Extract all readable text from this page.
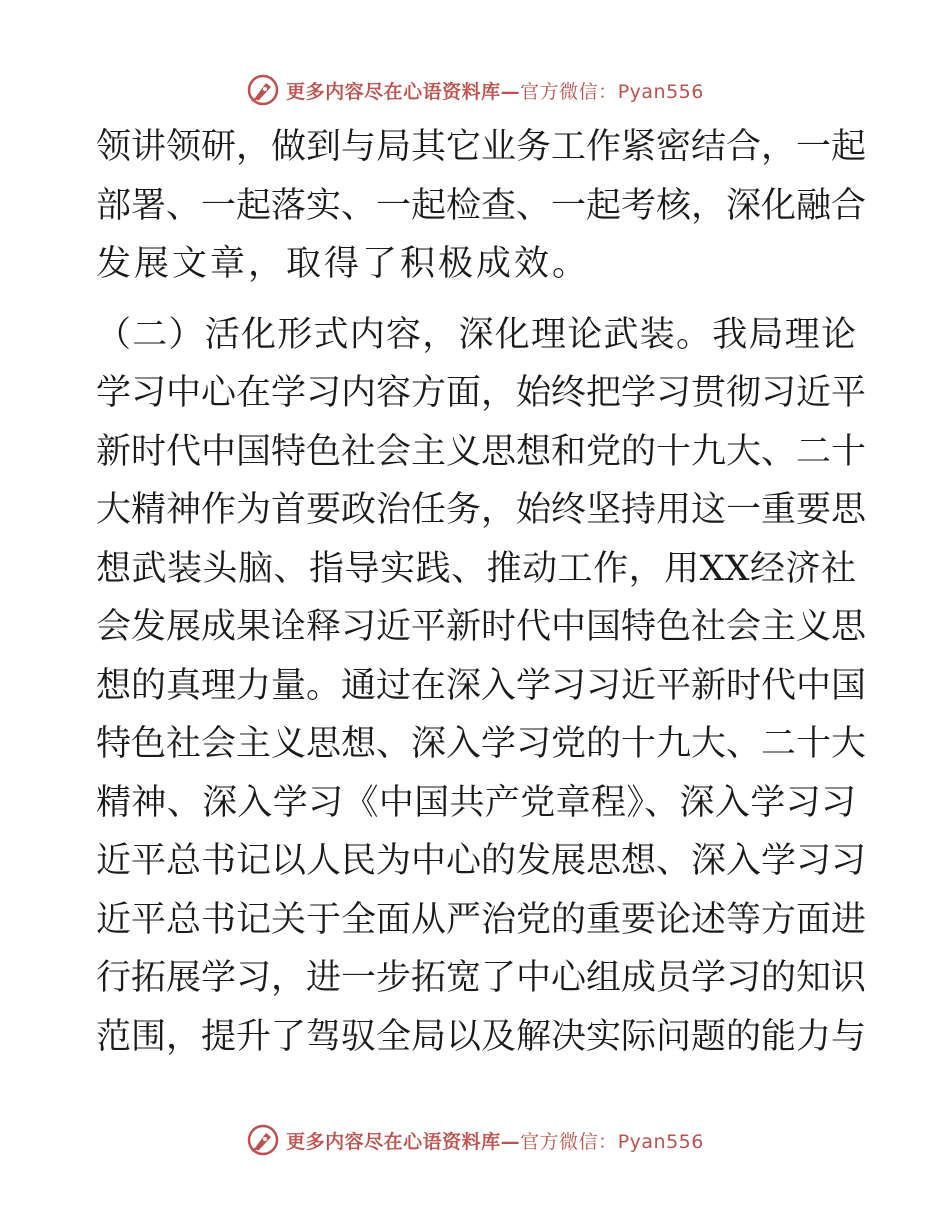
更多内容尽在心语资料库—官方微信：Pyan556
领讲领研，做到与局其它业务工作紧密结合，一起
部署、一起落实、一起检查、一起考核，深化融合
发展文章，取得了积极成效。
（二）活化形式内容，深化理论武装。我局理论
学习中心在学习内容方面，始终把学习贯彻习近平
新时代中国特色社会主义思想和党的十九大、二十
大精神作为首要政治任务，始终坚持用这一重要思
想武装头脑、指导实践、推动工作，用XX经济社
会发展成果诠释习近平新时代中国特色社会主义思
想的真理力量。通过在深入学习习近平新时代中国
特色社会主义思想、深入学习党的十九大、二十大
精神、深入学习《中国共产党章程》、深入学习习
近平总书记以人民为中心的发展思想、深入学习习
近平总书记关于全面从严治党的重要论述等方面进
行拓展学习，进一步拓宽了中心组成员学习的知识
范围，提升了驾驭全局以及解决实际问题的能力与
更多内容尽在心语资料库—官方微信：Pyan556
